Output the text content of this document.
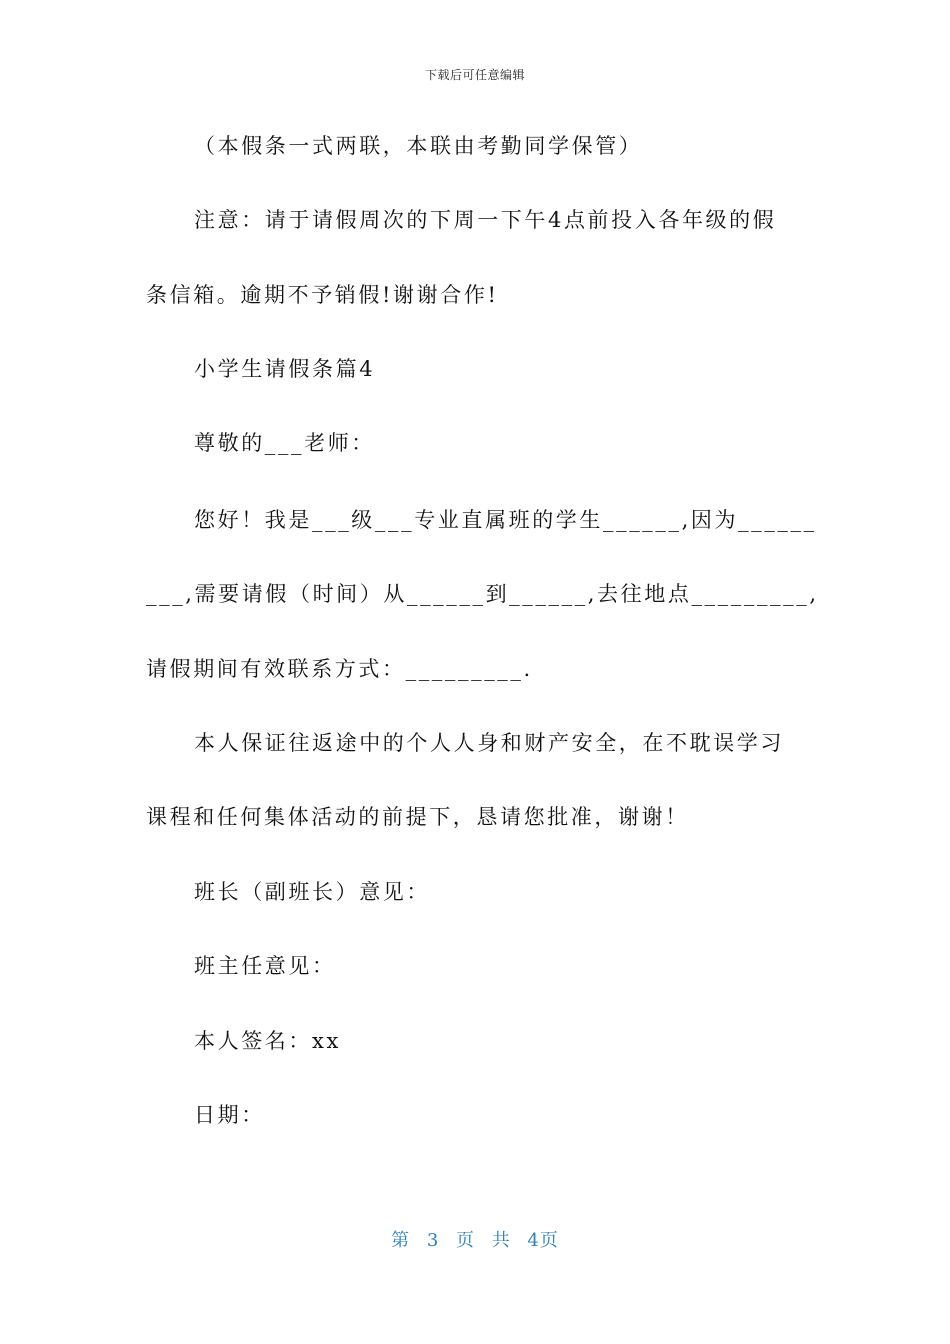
下载后可任意编辑
（本假条一式两联，本联由考勤同学保管）
注意：请于请假周次的下周一下午4点前投入各年级的假
条信箱。逾期不予销假!谢谢合作!
小学生请假条篇4
尊敬的___老师：
您好！我是___级___专业直属班的学生______,因为______
___,需要请假（时间）从______到______,去往地点_________,
请假期间有效联系方式：_________.
本人保证往返途中的个人人身和财产安全，在不耽误学习
课程和任何集体活动的前提下，恳请您批准，谢谢！
班长（副班长）意见：
班主任意见：
本人签名：xx
日期：
第 3 页 共 4页
